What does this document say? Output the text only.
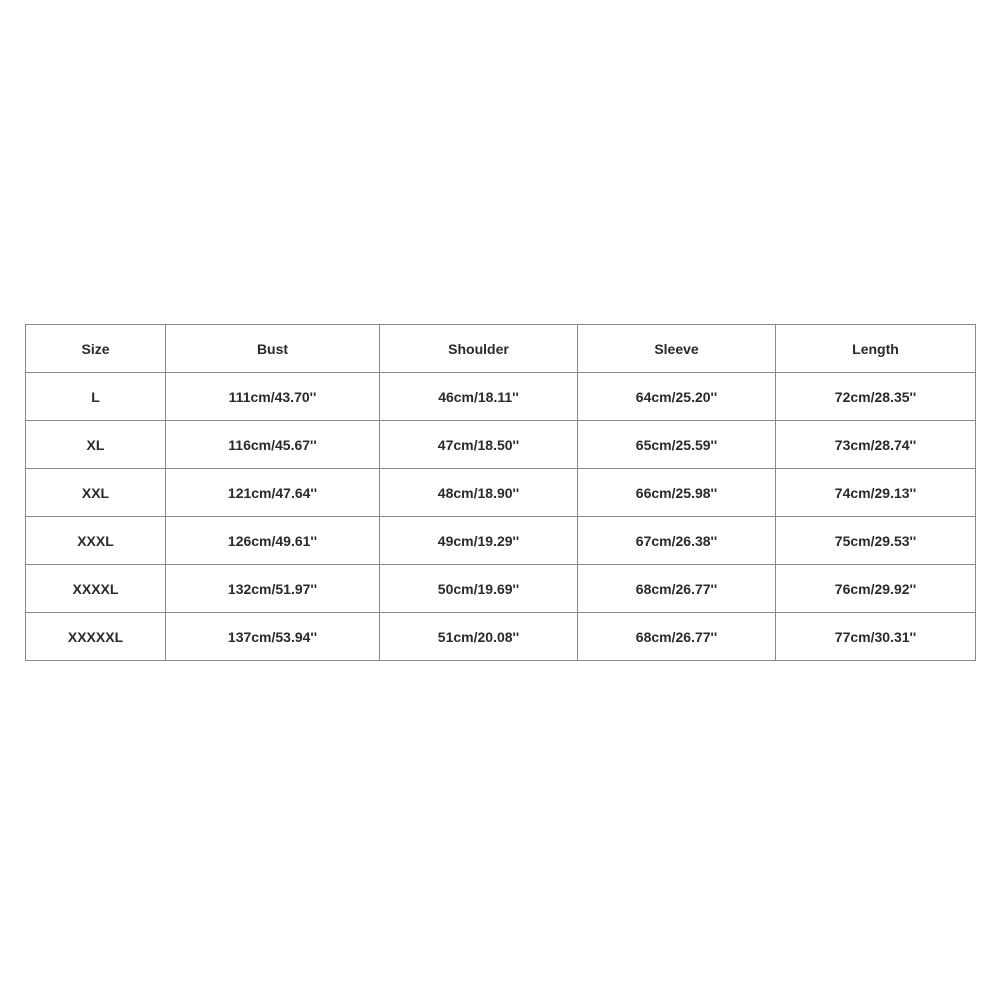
Size	Bust	Shoulder	Sleeve	Length
L	111cm/43.70''	46cm/18.11''	64cm/25.20''	72cm/28.35''
XL	116cm/45.67''	47cm/18.50''	65cm/25.59''	73cm/28.74''
XXL	121cm/47.64''	48cm/18.90''	66cm/25.98''	74cm/29.13''
XXXL	126cm/49.61''	49cm/19.29''	67cm/26.38''	75cm/29.53''
XXXXL	132cm/51.97''	50cm/19.69''	68cm/26.77''	76cm/29.92''
XXXXXL	137cm/53.94''	51cm/20.08''	68cm/26.77''	77cm/30.31''
